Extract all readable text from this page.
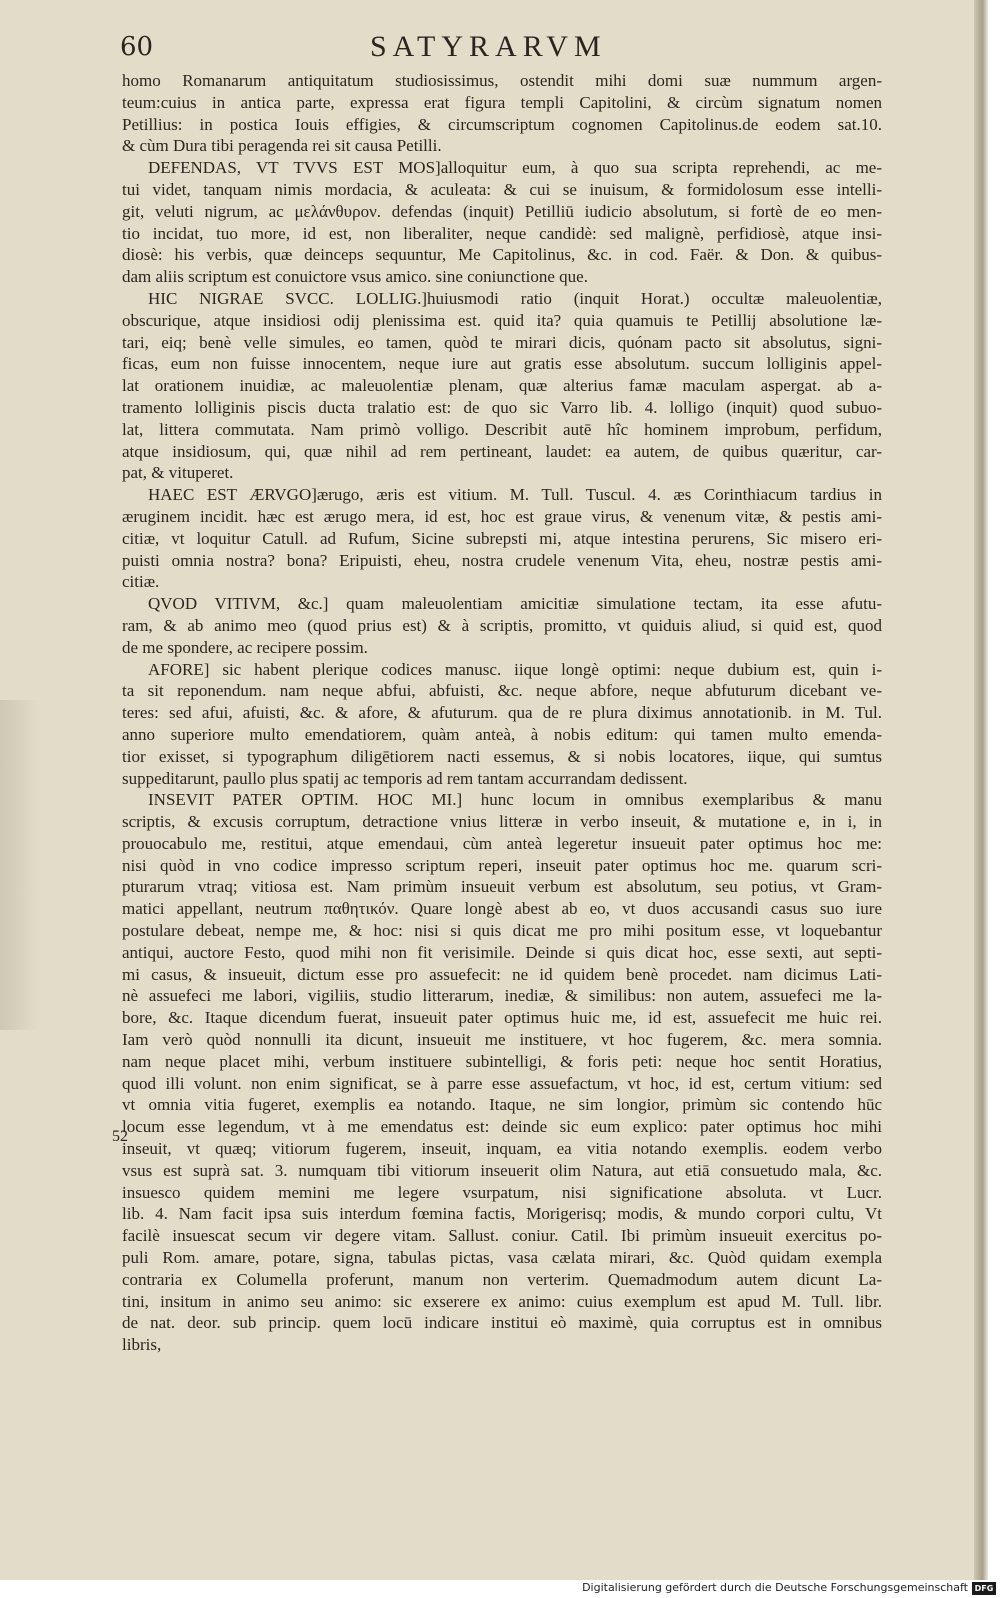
60	SATYRARVM
homo Romanarum antiquitatum studiosissimus, ostendit mihi domi suæ nummum argen-
teum:cuius in antica parte, expressa erat figura templi Capitolini, & circùm signatum nomen
Petillius: in postica Iouis effigies, & circumscriptum cognomen Capitolinus.de eodem sat.10.
& cùm Dura tibi peragenda rei sit causa Petilli.
DEFENDAS, VT TVVS EST MOS]alloquitur eum, à quo sua scripta reprehendi, ac me-
tui videt, tanquam nimis mordacia, & aculeata: & cui se inuisum, & formidolosum esse intelli-
git, veluti nigrum, ac μελάνθυρον. defendas (inquit) Petilliū iudicio absolutum, si fortè de eo men-
tio incidat, tuo more, id est, non liberaliter, neque candidè: sed malignè, perfidiosè, atque insi-
diosè: his verbis, quæ deinceps sequuntur, Me Capitolinus, &c. in cod. Faër. & Don. & quibus-
dam aliis scriptum est conuictore vsus amico. sine coniunctione que.
HIC NIGRAE SVCC. LOLLIG.]huiusmodi ratio (inquit Horat.) occultæ maleuolentiæ,
obscurique, atque insidiosi odij plenissima est. quid ita? quia quamuis te Petillij absolutione læ-
tari, eiq; benè velle simules, eo tamen, quòd te mirari dicis, quónam pacto sit absolutus, signi-
ficas, eum non fuisse innocentem, neque iure aut gratis esse absolutum. succum lolliginis appel-
lat orationem inuidiæ, ac maleuolentiæ plenam, quæ alterius famæ maculam aspergat. ab a-
tramento lolliginis piscis ducta tralatio est: de quo sic Varro lib. 4. lolligo (inquit) quod subuo-
lat, littera commutata. Nam primò volligo. Describit autē hîc hominem improbum, perfidum,
atque insidiosum, qui, quæ nihil ad rem pertineant, laudet: ea autem, de quibus quæritur, car-
pat, & vituperet.
HAEC EST ÆRVGO]ærugo, æris est vitium. M. Tull. Tuscul. 4. æs Corinthiacum tardius in
æruginem incidit. hæc est ærugo mera, id est, hoc est graue virus, & venenum vitæ, & pestis ami-
citiæ, vt loquitur Catull. ad Rufum, Sicine subrepsti mi, atque intestina perurens, Sic misero eri-
puisti omnia nostra? bona? Eripuisti, eheu, nostra crudele venenum Vita, eheu, nostræ pestis ami-
citiæ.
QVOD VITIVM, &c.] quam maleuolentiam amicitiæ simulatione tectam, ita esse afutu-
ram, & ab animo meo (quod prius est) & à scriptis, promitto, vt quiduis aliud, si quid est, quod
de me spondere, ac recipere possim.
AFORE] sic habent plerique codices manusc. iique longè optimi: neque dubium est, quin i-
ta sit reponendum. nam neque abfui, abfuisti, &c. neque abfore, neque abfuturum dicebant ve-
teres: sed afui, afuisti, &c. & afore, & afuturum. qua de re plura diximus annotationib. in M. Tul.
anno superiore multo emendatiorem, quàm anteà, à nobis editum: qui tamen multo emenda-
tior exisset, si typographum diligētiorem nacti essemus, & si nobis locatores, iique, qui sumtus
suppeditarunt, paullo plus spatij ac temporis ad rem tantam accurrandam dedissent.
INSEVIT PATER OPTIM. HOC MI.] hunc locum in omnibus exemplaribus & manu
scriptis, & excusis corruptum, detractione vnius litteræ in verbo inseuit, & mutatione e, in i, in
prouocabulo me, restitui, atque emendaui, cùm anteà legeretur insueuit pater optimus hoc me:
nisi quòd in vno codice impresso scriptum reperi, inseuit pater optimus hoc me. quarum scri-
pturarum vtraq; vitiosa est. Nam primùm insueuit verbum est absolutum, seu potius, vt Gram-
matici appellant, neutrum παθητικόν. Quare longè abest ab eo, vt duos accusandi casus suo iure
postulare debeat, nempe me, & hoc: nisi si quis dicat me pro mihi positum esse, vt loquebantur
antiqui, auctore Festo, quod mihi non fit verisimile. Deinde si quis dicat hoc, esse sexti, aut septi-
mi casus, & insueuit, dictum esse pro assuefecit: ne id quidem benè procedet. nam dicimus Lati-
nè assuefeci me labori, vigiliis, studio litterarum, inediæ, & similibus: non autem, assuefeci me la-
bore, &c. Itaque dicendum fuerat, insueuit pater optimus huic me, id est, assuefecit me huic rei.
Iam verò quòd nonnulli ita dicunt, insueuit me instituere, vt hoc fugerem, &c. mera somnia.
nam neque placet mihi, verbum instituere subintelligi, & foris peti: neque hoc sentit Horatius,
quod illi volunt. non enim significat, se à parre esse assuefactum, vt hoc, id est, certum vitium: sed
vt omnia vitia fugeret, exemplis ea notando. Itaque, ne sim longior, primùm sic contendo hūc
locum esse legendum, vt à me emendatus est: deinde sic eum explico: pater optimus hoc mihi
inseuit, vt quæq; vitiorum fugerem, inseuit, inquam, ea vitia notando exemplis. eodem verbo
vsus est suprà sat. 3. numquam tibi vitiorum inseuerit olim Natura, aut etiā consuetudo mala, &c.
insuesco quidem memini me legere vsurpatum, nisi significatione absoluta. vt Lucr.
lib. 4. Nam facit ipsa suis interdum fœmina factis, Morigerisq; modis, & mundo corpori cultu, Vt
facilè insuescat secum vir degere vitam. Sallust. coniur. Catil. Ibi primùm insueuit exercitus po-
puli Rom. amare, potare, signa, tabulas pictas, vasa cælata mirari, &c. Quòd quidam exempla
contraria ex Columella proferunt, manum non verterim. Quemadmodum autem dicunt La-
tini, insitum in animo seu animo: sic exserere ex animo: cuius exemplum est apud M. Tull. libr.
de nat. deor. sub princip. quem locū indicare institui eò maximè, quia corruptus est in omnibus
libris,
52
Digitalisierung gefördert durch die Deutsche Forschungsgemeinschaft DFG
